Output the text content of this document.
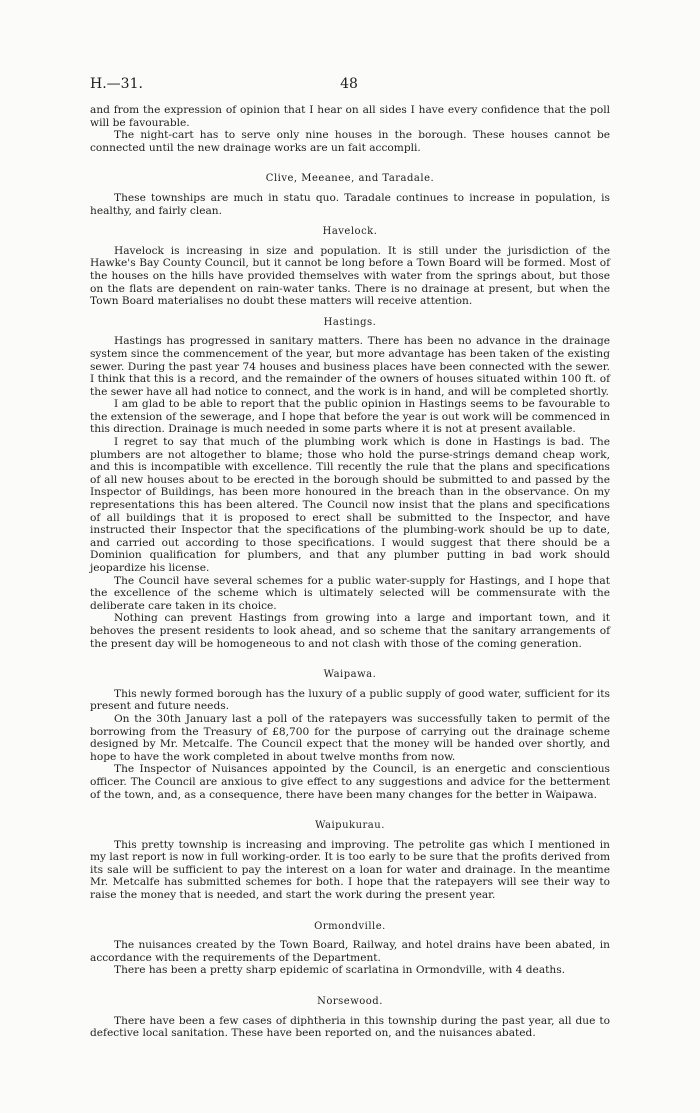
H.—31.	48

and from the expression of opinion that I hear on all sides I have every confidence that the poll will be favourable.

The night-cart has to serve only nine houses in the borough. These houses cannot be connected until the new drainage works are un fait accompli.

Clive, Meeanee, and Taradale.

These townships are much in statu quo. Taradale continues to increase in population, is healthy, and fairly clean.

Havelock.

Havelock is increasing in size and population. It is still under the jurisdiction of the Hawke's Bay County Council, but it cannot be long before a Town Board will be formed. Most of the houses on the hills have provided themselves with water from the springs about, but those on the flats are dependent on rain-water tanks. There is no drainage at present, but when the Town Board materialises no doubt these matters will receive attention.

Hastings.

Hastings has progressed in sanitary matters. There has been no advance in the drainage system since the commencement of the year, but more advantage has been taken of the existing sewer. During the past year 74 houses and business places have been connected with the sewer. I think that this is a record, and the remainder of the owners of houses situated within 100 ft. of the sewer have all had notice to connect, and the work is in hand, and will be completed shortly.

I am glad to be able to report that the public opinion in Hastings seems to be favourable to the extension of the sewerage, and I hope that before the year is out work will be commenced in this direction. Drainage is much needed in some parts where it is not at present available.

I regret to say that much of the plumbing work which is done in Hastings is bad. The plumbers are not altogether to blame; those who hold the purse-strings demand cheap work, and this is incompatible with excellence. Till recently the rule that the plans and specifications of all new houses about to be erected in the borough should be submitted to and passed by the Inspector of Buildings, has been more honoured in the breach than in the observance. On my representations this has been altered. The Council now insist that the plans and specifications of all buildings that it is proposed to erect shall be submitted to the Inspector, and have instructed their Inspector that the specifications of the plumbing-work should be up to date, and carried out according to those specifications. I would suggest that there should be a Dominion qualification for plumbers, and that any plumber putting in bad work should jeopardize his license.

The Council have several schemes for a public water-supply for Hastings, and I hope that the excellence of the scheme which is ultimately selected will be commensurate with the deliberate care taken in its choice.

Nothing can prevent Hastings from growing into a large and important town, and it behoves the present residents to look ahead, and so scheme that the sanitary arrangements of the present day will be homogeneous to and not clash with those of the coming generation.

Waipawa.

This newly formed borough has the luxury of a public supply of good water, sufficient for its present and future needs.

On the 30th January last a poll of the ratepayers was successfully taken to permit of the borrowing from the Treasury of £8,700 for the purpose of carrying out the drainage scheme designed by Mr. Metcalfe. The Council expect that the money will be handed over shortly, and hope to have the work completed in about twelve months from now.

The Inspector of Nuisances appointed by the Council, is an energetic and conscientious officer. The Council are anxious to give effect to any suggestions and advice for the betterment of the town, and, as a consequence, there have been many changes for the better in Waipawa.

Waipukurau.

This pretty township is increasing and improving. The petrolite gas which I mentioned in my last report is now in full working-order. It is too early to be sure that the profits derived from its sale will be sufficient to pay the interest on a loan for water and drainage. In the meantime Mr. Metcalfe has submitted schemes for both. I hope that the ratepayers will see their way to raise the money that is needed, and start the work during the present year.

Ormondville.

The nuisances created by the Town Board, Railway, and hotel drains have been abated, in accordance with the requirements of the Department.

There has been a pretty sharp epidemic of scarlatina in Ormondville, with 4 deaths.

Norsewood.

There have been a few cases of diphtheria in this township during the past year, all due to defective local sanitation. These have been reported on, and the nuisances abated.
